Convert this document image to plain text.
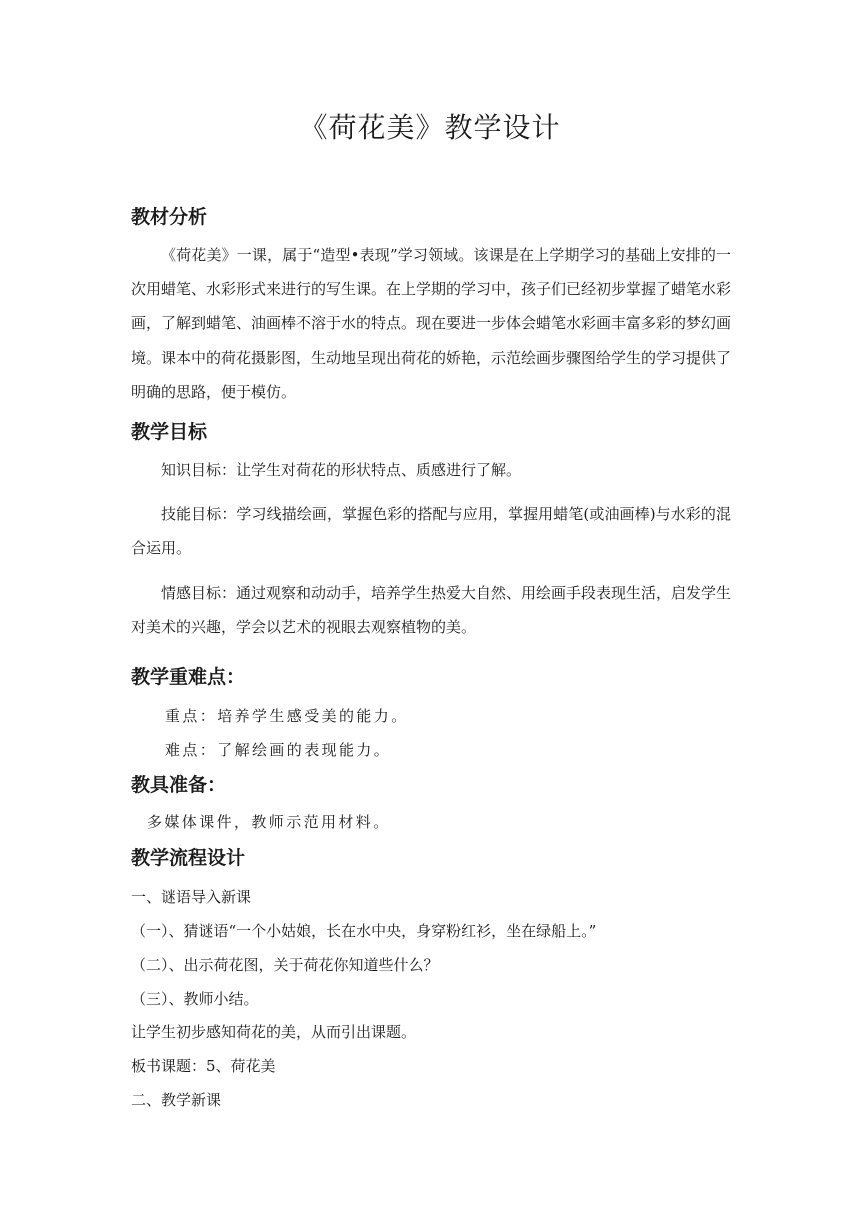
《荷花美》教学设计
教材分析
《荷花美》一课，属于“造型•表现”学习领域。该课是在上学期学习的基础上安排的一次用蜡笔、水彩形式来进行的写生课。在上学期的学习中，孩子们已经初步掌握了蜡笔水彩画，了解到蜡笔、油画棒不溶于水的特点。现在要进一步体会蜡笔水彩画丰富多彩的梦幻画境。课本中的荷花摄影图，生动地呈现出荷花的娇艳，示范绘画步骤图给学生的学习提供了明确的思路，便于模仿。
教学目标
知识目标：让学生对荷花的形状特点、质感进行了解。
技能目标：学习线描绘画，掌握色彩的搭配与应用，掌握用蜡笔(或油画棒)与水彩的混合运用。
情感目标：通过观察和动动手，培养学生热爱大自然、用绘画手段表现生活，启发学生对美术的兴趣，学会以艺术的视眼去观察植物的美。
教学重难点：
重点：培养学生感受美的能力。
难点：了解绘画的表现能力。
教具准备：
多媒体课件，教师示范用材料。
教学流程设计
一、谜语导入新课
（一）、猜谜语“一个小姑娘，长在水中央，身穿粉红衫，坐在绿船上。”
（二）、出示荷花图，关于荷花你知道些什么？
（三）、教师小结。
让学生初步感知荷花的美，从而引出课题。
板书课题：5、荷花美
二、教学新课
